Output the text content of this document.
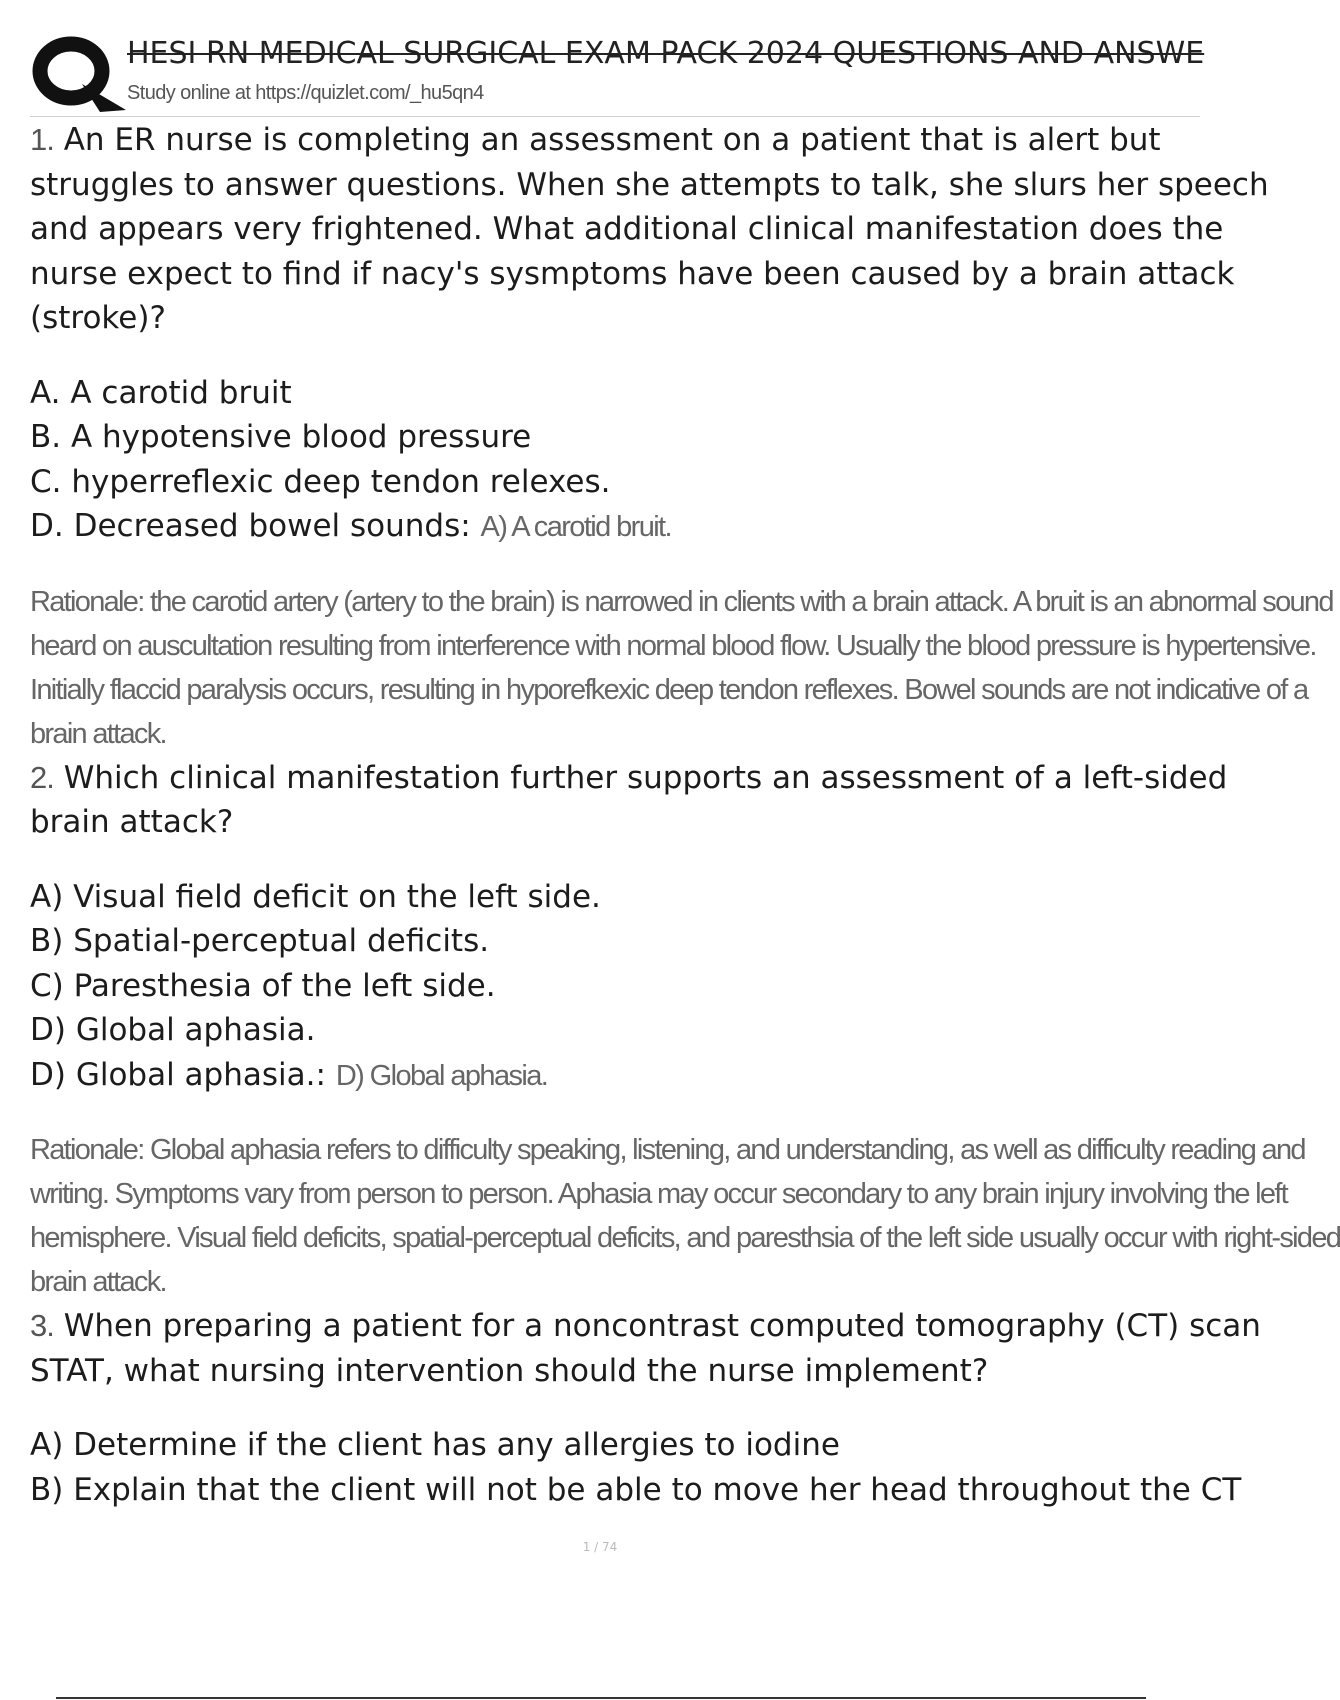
HESI RN MEDICAL SURGICAL EXAM PACK 2024 QUESTIONS AND ANSWE
Study online at https://quizlet.com/_hu5qn4
1. An ER nurse is completing an assessment on a patient that is alert but
struggles to answer questions. When she attempts to talk, she slurs her speech
and appears very frightened. What additional clinical manifestation does the
nurse expect to find if nacy's sysmptoms have been caused by a brain attack
(stroke)?
A. A carotid bruit
B. A hypotensive blood pressure
C. hyperreflexic deep tendon relexes.
D. Decreased bowel sounds: A) A carotid bruit.
Rationale: the carotid artery (artery to the brain) is narrowed in clients with a brain attack. A bruit is an abnormal sound
heard on auscultation resulting from interference with normal blood flow. Usually the blood pressure is hypertensive.
Initially flaccid paralysis occurs, resulting in hyporefkexic deep tendon reflexes. Bowel sounds are not indicative of a
brain attack.
2. Which clinical manifestation further supports an assessment of a left-sided
brain attack?
A) Visual field deficit on the left side.
B) Spatial-perceptual deficits.
C) Paresthesia of the left side.
D) Global aphasia.
D) Global aphasia.: D) Global aphasia.
Rationale: Global aphasia refers to difficulty speaking, listening, and understanding, as well as difficulty reading and
writing. Symptoms vary from person to person. Aphasia may occur secondary to any brain injury involving the left
hemisphere. Visual field deficits, spatial-perceptual deficits, and paresthsia of the left side usually occur with right-sided
brain attack.
3. When preparing a patient for a noncontrast computed tomography (CT) scan
STAT, what nursing intervention should the nurse implement?
A) Determine if the client has any allergies to iodine
B) Explain that the client will not be able to move her head throughout the CT
1 / 74
